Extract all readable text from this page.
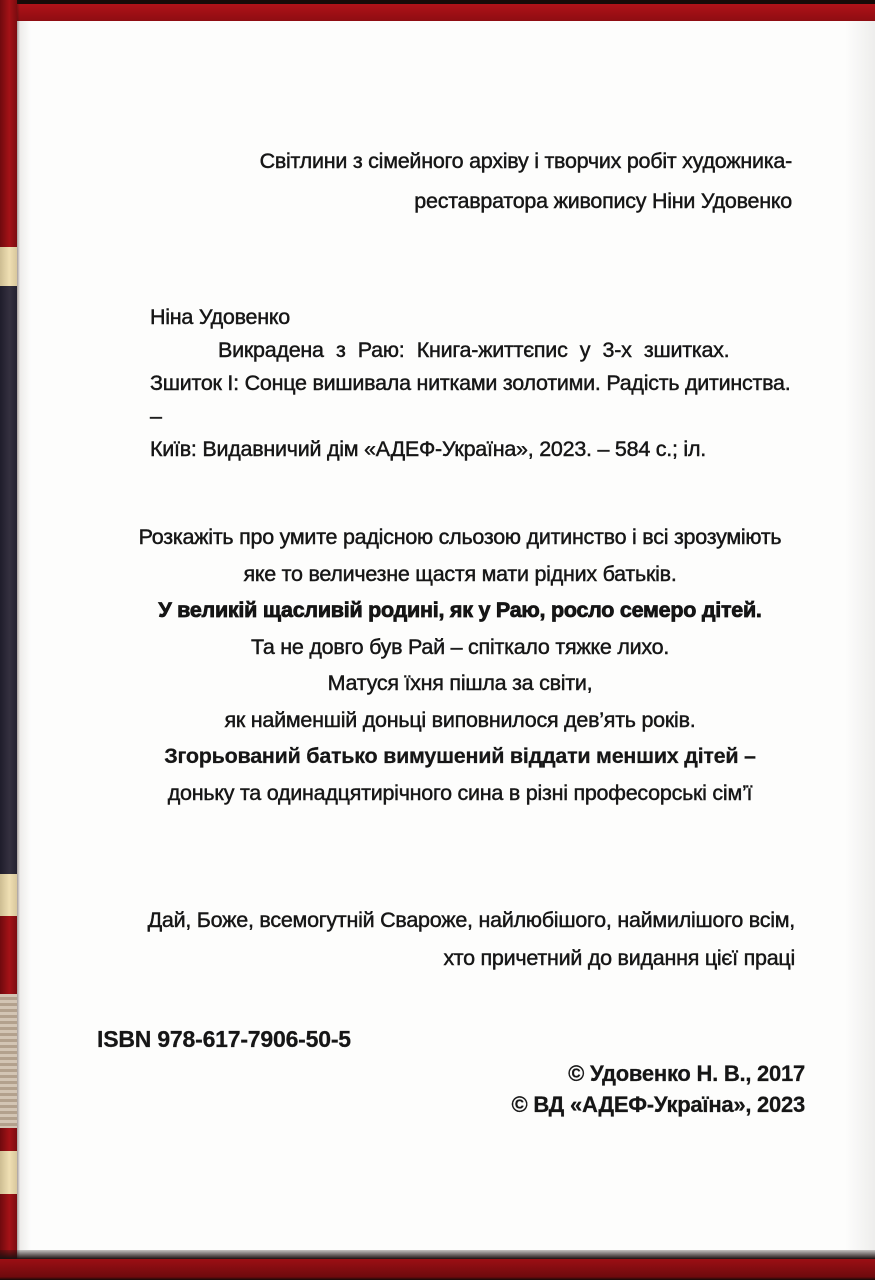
Світлини з сімейного архіву і творчих робіт художника-
реставратора живопису Ніни Удовенко
Ніна Удовенко
Викрадена з Раю: Книга-життєпис у 3-х зшитках.
Зшиток І: Сонце вишивала нитками золотими. Радість дитинства. –
Київ: Видавничий дім «АДЕФ-Україна», 2023. – 584 с.; іл.
Розкажіть про умите радісною сльозою дитинство і всі зрозуміють
яке то величезне щастя мати рідних батьків.
У великій щасливій родині, як у Раю, росло семеро дітей.
Та не довго був Рай – спіткало тяжке лихо.
Матуся їхня пішла за світи,
як найменшій доньці виповнилося дев’ять років.
Згорьований батько вимушений віддати менших дітей –
доньку та одинадцятирічного сина в різні професорські сім’ї
Дай, Боже, всемогутній Свароже, найлюбішого, наймилішого всім,
хто причетний до видання цієї праці
ISBN 978-617-7906-50-5
© Удовенко Н. В., 2017
© ВД «АДЕФ-Україна», 2023
